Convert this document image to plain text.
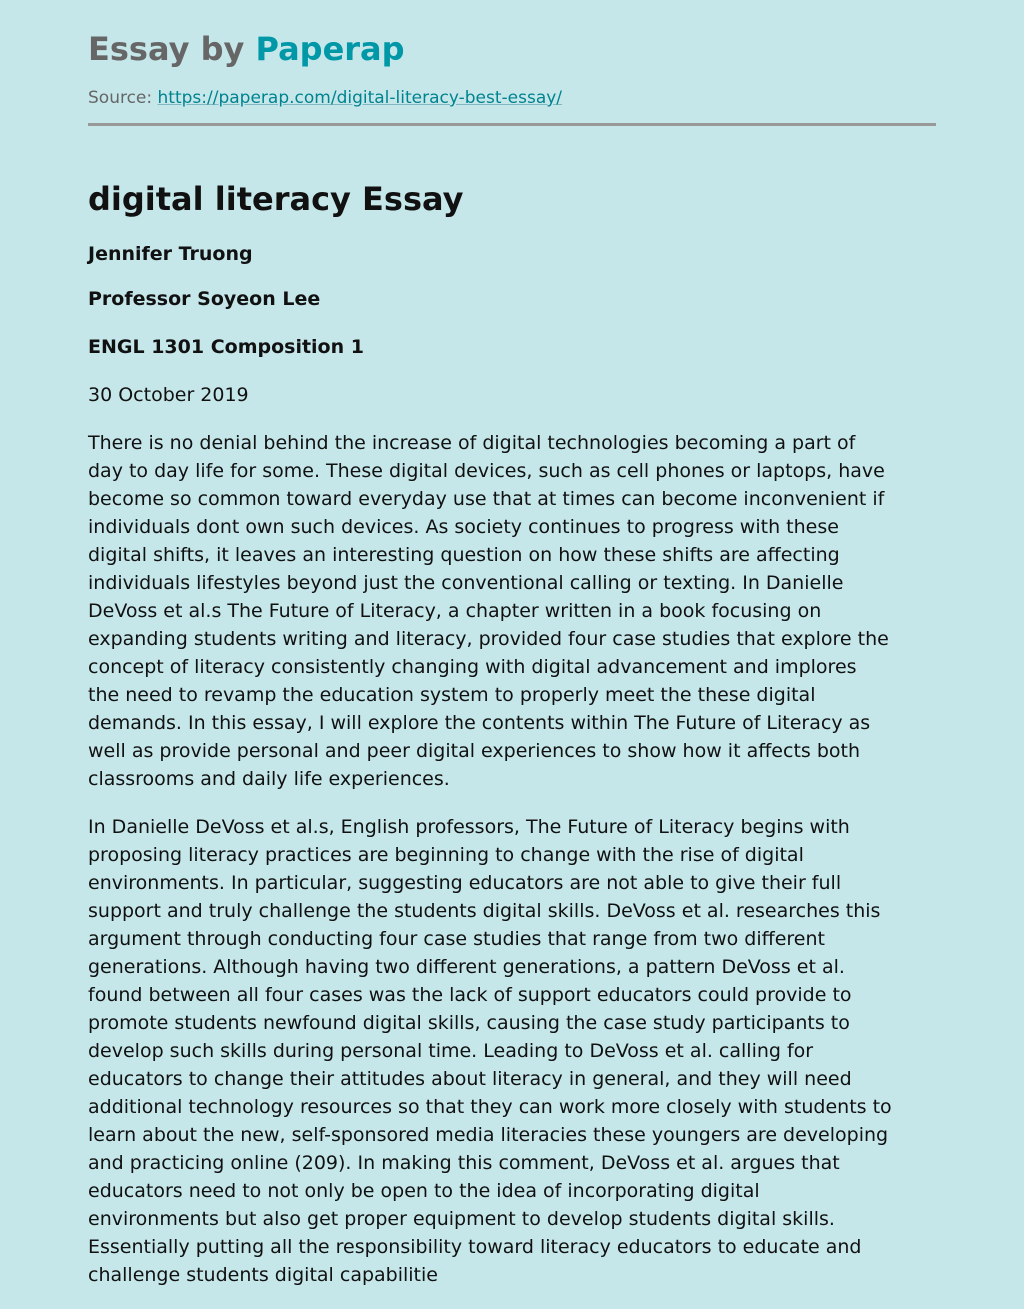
Essay by Paperap
Source: https://paperap.com/digital-literacy-best-essay/
digital literacy Essay

Jennifer Truong

Professor Soyeon Lee

ENGL 1301 Composition 1

30 October 2019

There is no denial behind the increase of digital technologies becoming a part of
day to day life for some. These digital devices, such as cell phones or laptops, have
become so common toward everyday use that at times can become inconvenient if
individuals dont own such devices. As society continues to progress with these
digital shifts, it leaves an interesting question on how these shifts are affecting
individuals lifestyles beyond just the conventional calling or texting. In Danielle
DeVoss et al.s The Future of Literacy, a chapter written in a book focusing on
expanding students writing and literacy, provided four case studies that explore the
concept of literacy consistently changing with digital advancement and implores
the need to revamp the education system to properly meet the these digital
demands. In this essay, I will explore the contents within The Future of Literacy as
well as provide personal and peer digital experiences to show how it affects both
classrooms and daily life experiences.
In Danielle DeVoss et al.s, English professors, The Future of Literacy begins with
proposing literacy practices are beginning to change with the rise of digital
environments. In particular, suggesting educators are not able to give their full
support and truly challenge the students digital skills. DeVoss et al. researches this
argument through conducting four case studies that range from two different
generations. Although having two different generations, a pattern DeVoss et al.
found between all four cases was the lack of support educators could provide to
promote students newfound digital skills, causing the case study participants to
develop such skills during personal time. Leading to DeVoss et al. calling for
educators to change their attitudes about literacy in general, and they will need
additional technology resources so that they can work more closely with students to
learn about the new, self-sponsored media literacies these youngers are developing
and practicing online (209). In making this comment, DeVoss et al. argues that
educators need to not only be open to the idea of incorporating digital
environments but also get proper equipment to develop students digital skills.
Essentially putting all the responsibility toward literacy educators to educate and
challenge students digital capabilitie
